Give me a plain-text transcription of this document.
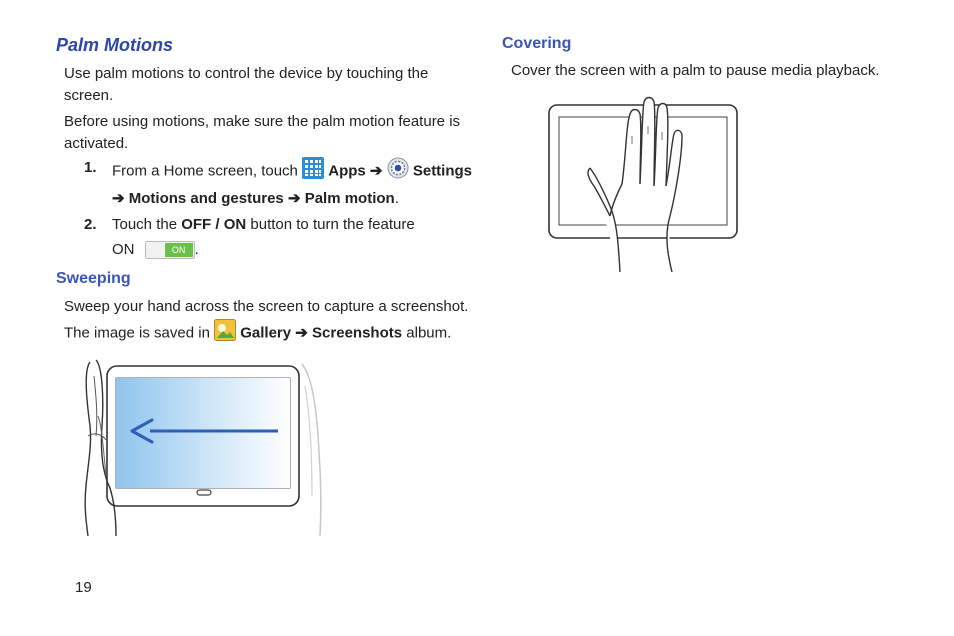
Palm Motions

Use palm motions to control the device by touching the

screen.

Before using motions, make sure the palm motion feature is

activated.

1. From a Home screen, touch Apps ➔ Settings

➔ Motions and gestures ➔ Palm motion.

2. Touch the OFF / ON button to turn the feature

ON	ON .

Sweeping

Sweep your hand across the screen to capture a screenshot.

The image is saved in Gallery ➔ Screenshots album.

Covering

Cover the screen with a palm to pause media playback.

19
